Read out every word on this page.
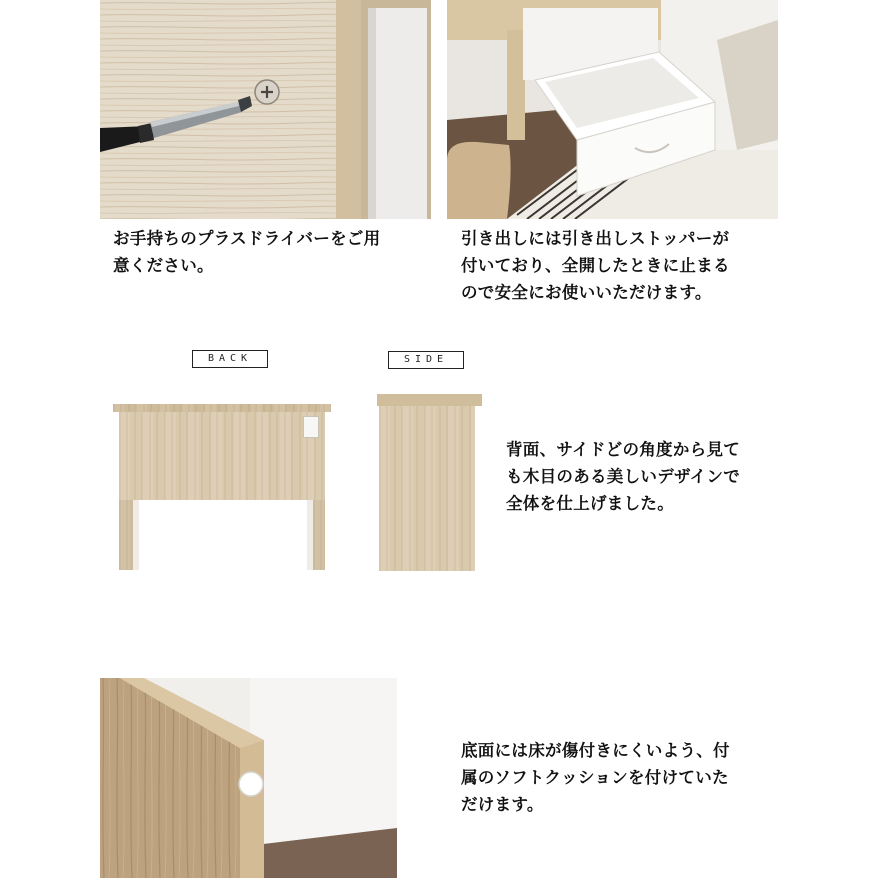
お手持ちのプラスドライバーをご用
意ください。
引き出しには引き出しストッパーが
付いており、全開したときに止まる
ので安全にお使いいただけます。
BACK	SIDE
背面、サイドどの角度から見て
も木目のある美しいデザインで
全体を仕上げました。
底面には床が傷付きにくいよう、付
属のソフトクッションを付けていた
だけます。
